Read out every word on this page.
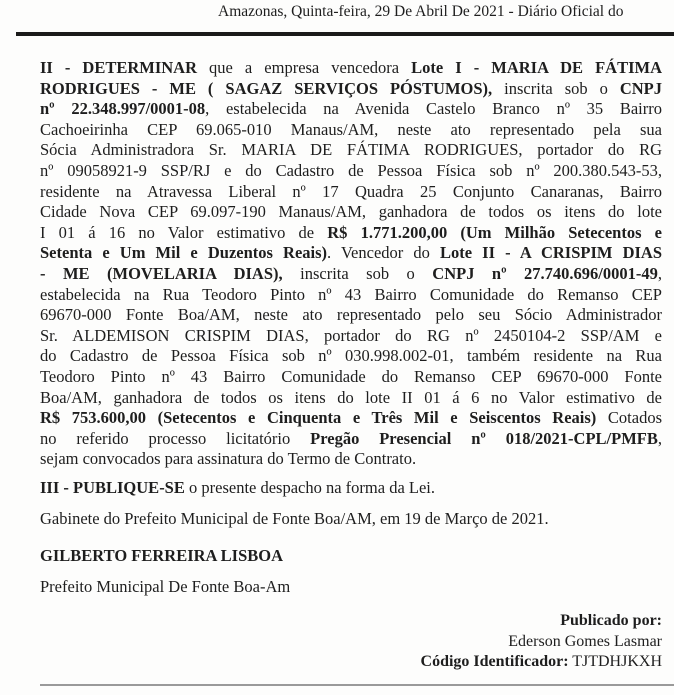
Amazonas, Quinta-feira, 29 De Abril De 2021 - Diário Oficial do
II - DETERMINAR que a empresa vencedora Lote I - MARIA DE FÁTIMA
RODRIGUES - ME ( SAGAZ SERVIÇOS PÓSTUMOS), inscrita sob o CNPJ
nº 22.348.997/0001-08, estabelecida na Avenida Castelo Branco nº 35 Bairro
Cachoeirinha CEP 69.065-010 Manaus/AM, neste ato representado pela sua
Sócia Administradora Sr. MARIA DE FÁTIMA RODRIGUES, portador do RG
nº 09058921-9 SSP/RJ e do Cadastro de Pessoa Física sob nº 200.380.543-53,
residente na Atravessa Liberal nº 17 Quadra 25 Conjunto Canaranas, Bairro
Cidade Nova CEP 69.097-190 Manaus/AM, ganhadora de todos os itens do lote
I 01 á 16 no Valor estimativo de R$ 1.771.200,00 (Um Milhão Setecentos e
Setenta e Um Mil e Duzentos Reais). Vencedor do Lote II - A CRISPIM DIAS
- ME (MOVELARIA DIAS), inscrita sob o CNPJ nº 27.740.696/0001-49,
estabelecida na Rua Teodoro Pinto nº 43 Bairro Comunidade do Remanso CEP
69670-000 Fonte Boa/AM, neste ato representado pelo seu Sócio Administrador
Sr. ALDEMISON CRISPIM DIAS, portador do RG nº 2450104-2 SSP/AM e
do Cadastro de Pessoa Física sob nº 030.998.002-01, também residente na Rua
Teodoro Pinto nº 43 Bairro Comunidade do Remanso CEP 69670-000 Fonte
Boa/AM, ganhadora de todos os itens do lote II 01 á 6 no Valor estimativo de
R$ 753.600,00 (Setecentos e Cinquenta e Três Mil e Seiscentos Reais) Cotados
no referido processo licitatório Pregão Presencial nº 018/2021-CPL/PMFB,
sejam convocados para assinatura do Termo de Contrato.
III - PUBLIQUE-SE o presente despacho na forma da Lei.
Gabinete do Prefeito Municipal de Fonte Boa/AM, em 19 de Março de 2021.
GILBERTO FERREIRA LISBOA
Prefeito Municipal De Fonte Boa-Am
Publicado por:
Ederson Gomes Lasmar
Código Identificador: TJTDHJKXH
